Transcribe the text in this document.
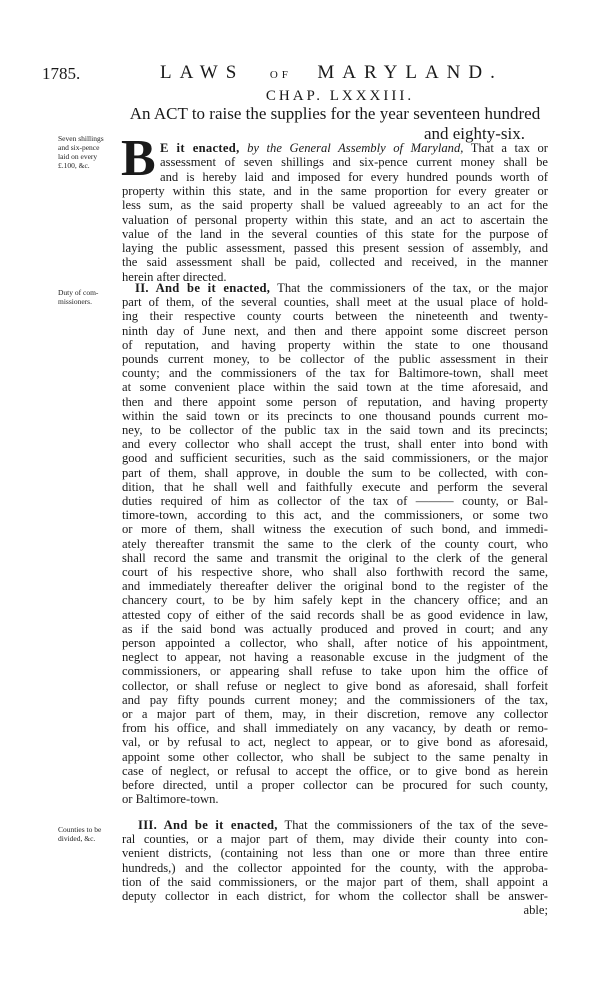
1785.	LAWS OF MARYLAND.
CHAP. LXXXIII.
An ACT to raise the supplies for the year seventeen hundred
and eighty-six.
B
Seven shillings
and six-pence
laid on every
£.100, &c.
Duty of com-
missioners.
Counties to be
divided, &c.
E it enacted, by the General Assembly of Maryland, That a tax or
assessment of seven shillings and six-pence current money shall be
and is hereby laid and imposed for every hundred pounds worth of
property within this state, and in the same proportion for every greater or
less sum, as the said property shall be valued agreeably to an act for the
valuation of personal property within this state, and an act to ascertain the
value of the land in the several counties of this state for the purpose of
laying the public assessment, passed this present session of assembly, and
the said assessment shall be paid, collected and received, in the manner
herein after directed.
II. And be it enacted, That the commissioners of the tax, or the major
part of them, of the several counties, shall meet at the usual place of hold-
ing their respective county courts between the nineteenth and twenty-
ninth day of June next, and then and there appoint some discreet person
of reputation, and having property within the state to one thousand
pounds current money, to be collector of the public assessment in their
county; and the commissioners of the tax for Baltimore-town, shall meet
at some convenient place within the said town at the time aforesaid, and
then and there appoint some person of reputation, and having property
within the said town or its precincts to one thousand pounds current mo-
ney, to be collector of the public tax in the said town and its precincts;
and every collector who shall accept the trust, shall enter into bond with
good and sufficient securities, such as the said commissioners, or the major
part of them, shall approve, in double the sum to be collected, with con-
dition, that he shall well and faithfully execute and perform the several
duties required of him as collector of the tax of ——— county, or Bal-
timore-town, according to this act, and the commissioners, or some two
or more of them, shall witness the execution of such bond, and immedi-
ately thereafter transmit the same to the clerk of the county court, who
shall record the same and transmit the original to the clerk of the general
court of his respective shore, who shall also forthwith record the same,
and immediately thereafter deliver the original bond to the register of the
chancery court, to be by him safely kept in the chancery office; and an
attested copy of either of the said records shall be as good evidence in law,
as if the said bond was actually produced and proved in court; and any
person appointed a collector, who shall, after notice of his appointment,
neglect to appear, not having a reasonable excuse in the judgment of the
commissioners, or appearing shall refuse to take upon him the office of
collector, or shall refuse or neglect to give bond as aforesaid, shall forfeit
and pay fifty pounds current money; and the commissioners of the tax,
or a major part of them, may, in their discretion, remove any collector
from his office, and shall immediately on any vacancy, by death or remo-
val, or by refusal to act, neglect to appear, or to give bond as aforesaid,
appoint some other collector, who shall be subject to the same penalty in
case of neglect, or refusal to accept the office, or to give bond as herein
before directed, until a proper collector can be procured for such county,
or Baltimore-town.
III. And be it enacted, That the commissioners of the tax of the seve-
ral counties, or a major part of them, may divide their county into con-
venient districts, (containing not less than one or more than three entire
hundreds,) and the collector appointed for the county, with the approba-
tion of the said commissioners, or the major part of them, shall appoint a
deputy collector in each district, for whom the collector shall be answer-
able;
